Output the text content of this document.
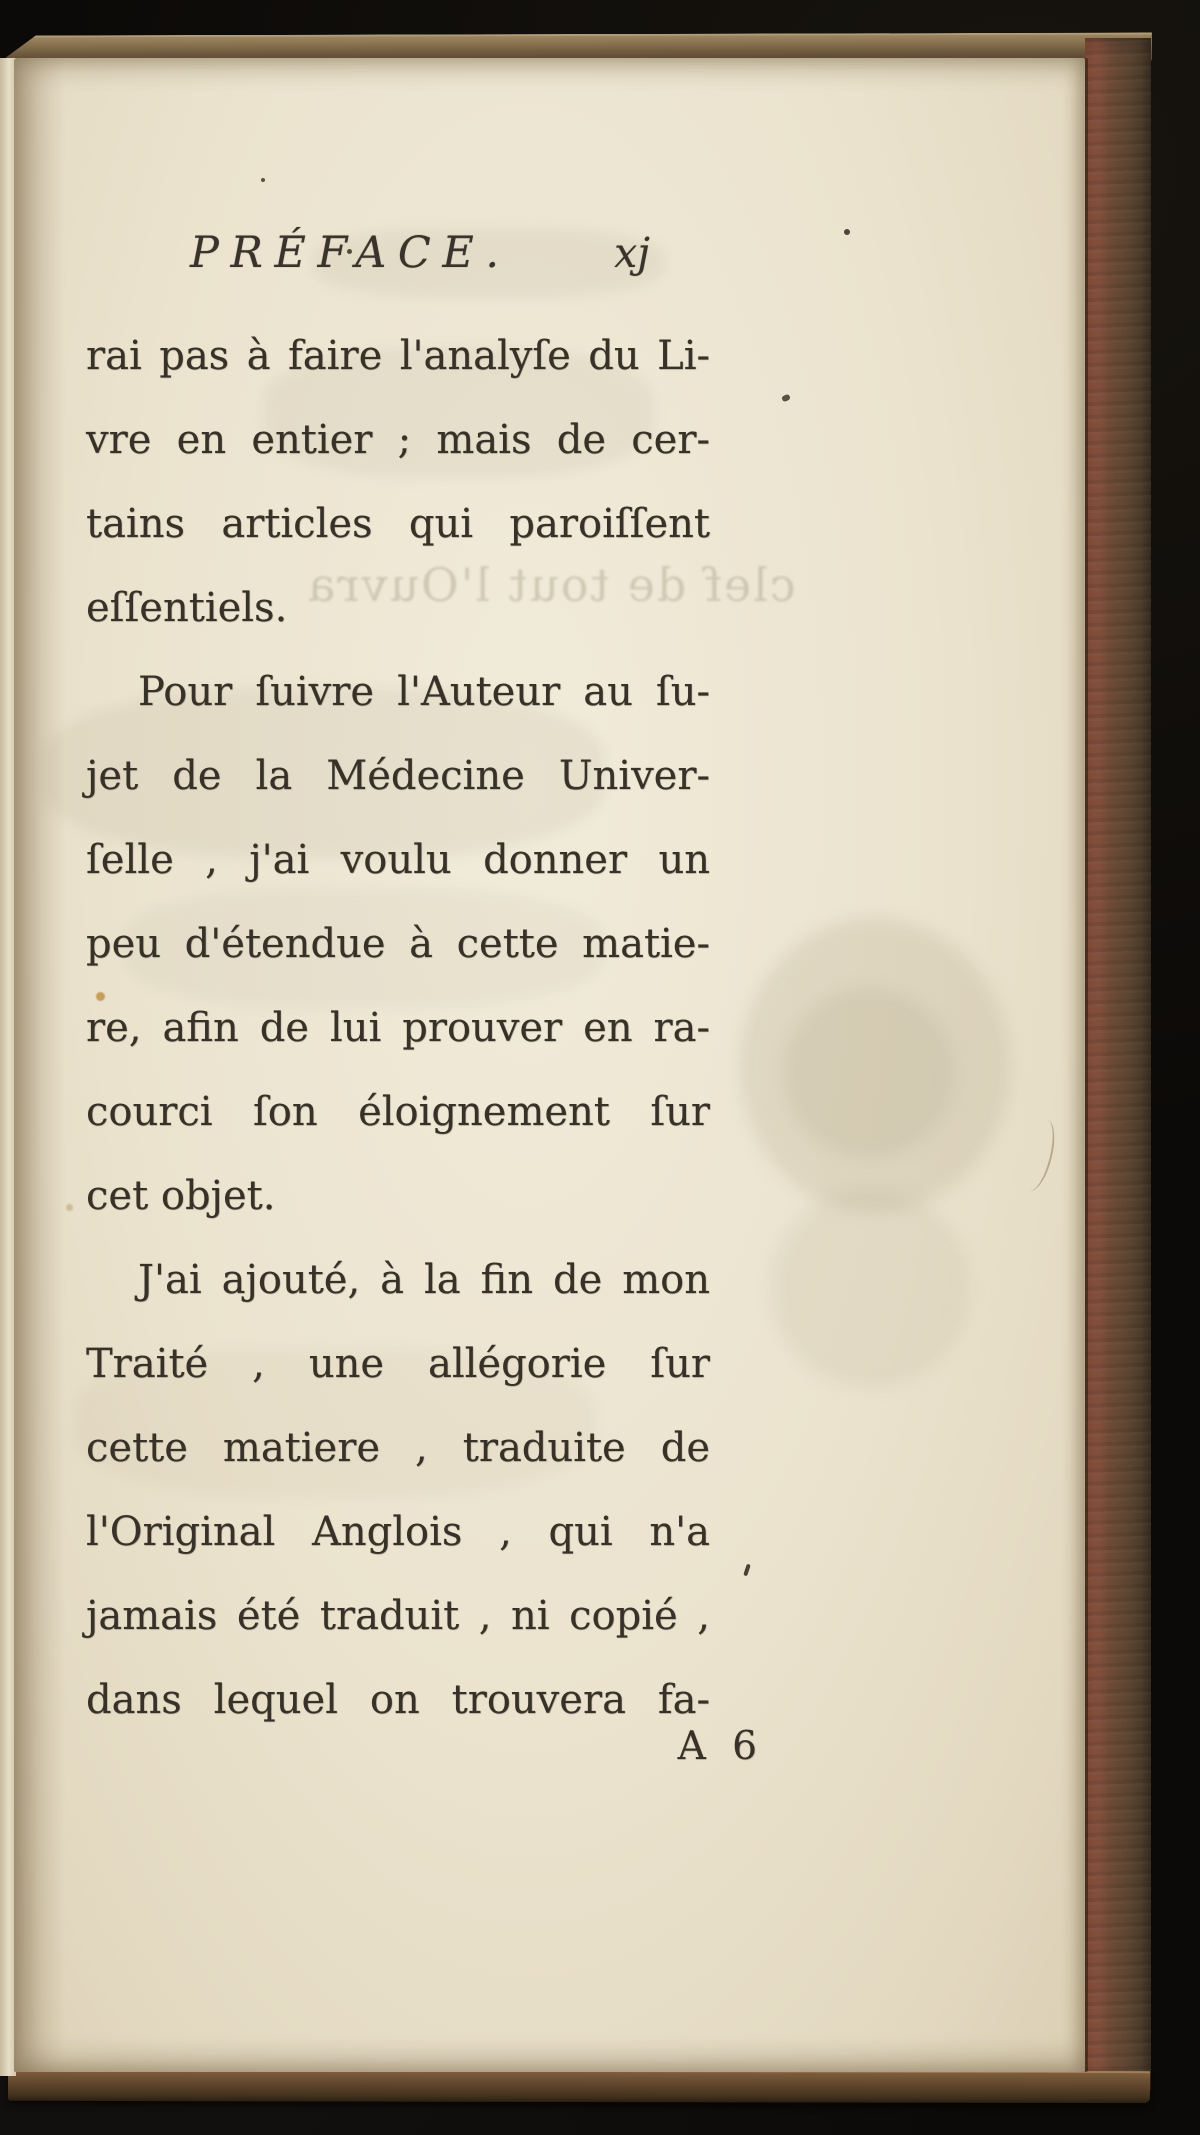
PRÉFACE.	xj
rai pas à faire l'analyſe du Li-
vre en entier ; mais de cer-
tains articles qui paroiſſent
eſſentiels.
Pour ſuivre l'Auteur au ſu-
jet de la Médecine Univer-
ſelle , j'ai voulu donner un
peu d'étendue à cette matie-
re, afin de lui prouver en ra-
courci ſon éloignement ſur
cet objet.
J'ai ajouté, à la fin de mon
Traité , une allégorie ſur
cette matiere , traduite de
l'Original Anglois , qui n'a
jamais été traduit , ni copié ,
dans lequel on trouvera fa-
A 6
clef de tout l'Ouvra
